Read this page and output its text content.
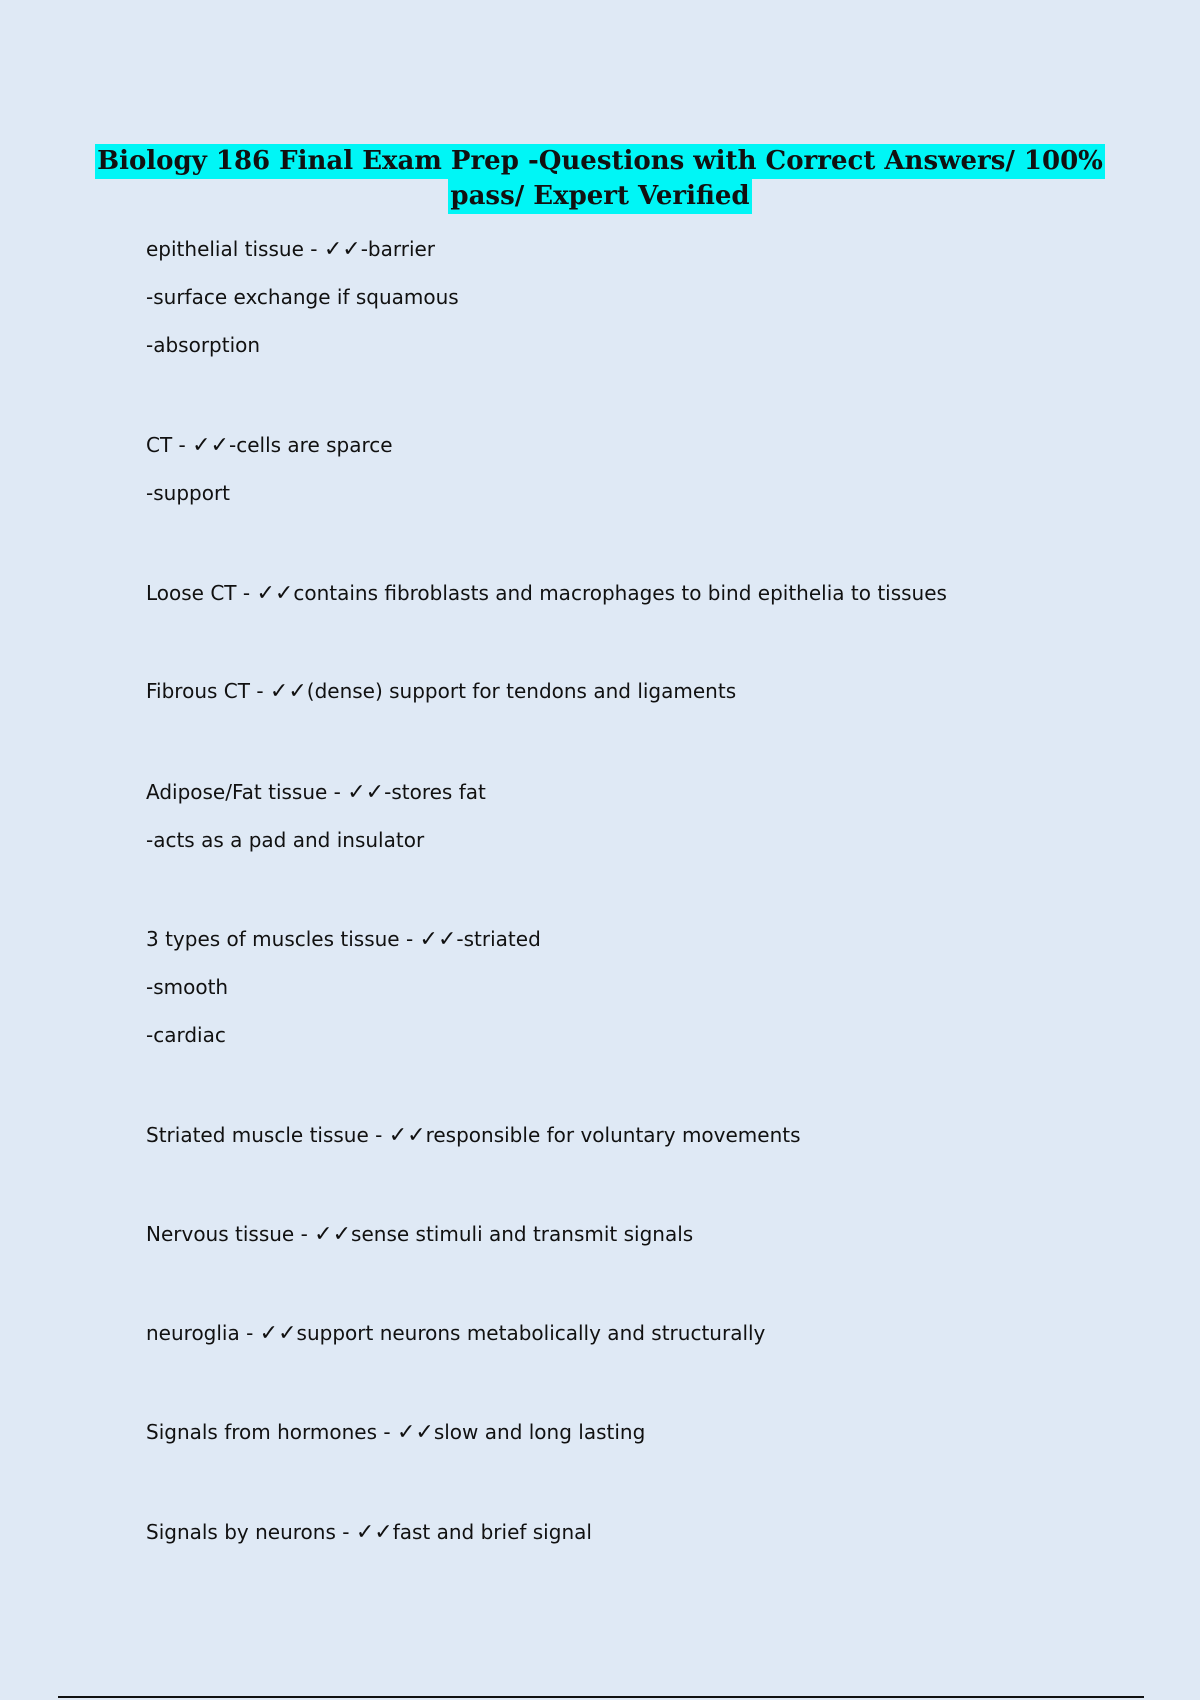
Biology 186 Final Exam Prep -Questions with Correct Answers/ 100%
pass/ Expert Verified
epithelial tissue - ✓✓-barrier
-surface exchange if squamous
-absorption
CT - ✓✓-cells are sparce
-support
Loose CT - ✓✓contains fibroblasts and macrophages to bind epithelia to tissues
Fibrous CT - ✓✓(dense) support for tendons and ligaments
Adipose/Fat tissue - ✓✓-stores fat
-acts as a pad and insulator
3 types of muscles tissue - ✓✓-striated
-smooth
-cardiac
Striated muscle tissue - ✓✓responsible for voluntary movements
Nervous tissue - ✓✓sense stimuli and transmit signals
neuroglia - ✓✓support neurons metabolically and structurally
Signals from hormones - ✓✓slow and long lasting
Signals by neurons - ✓✓fast and brief signal
